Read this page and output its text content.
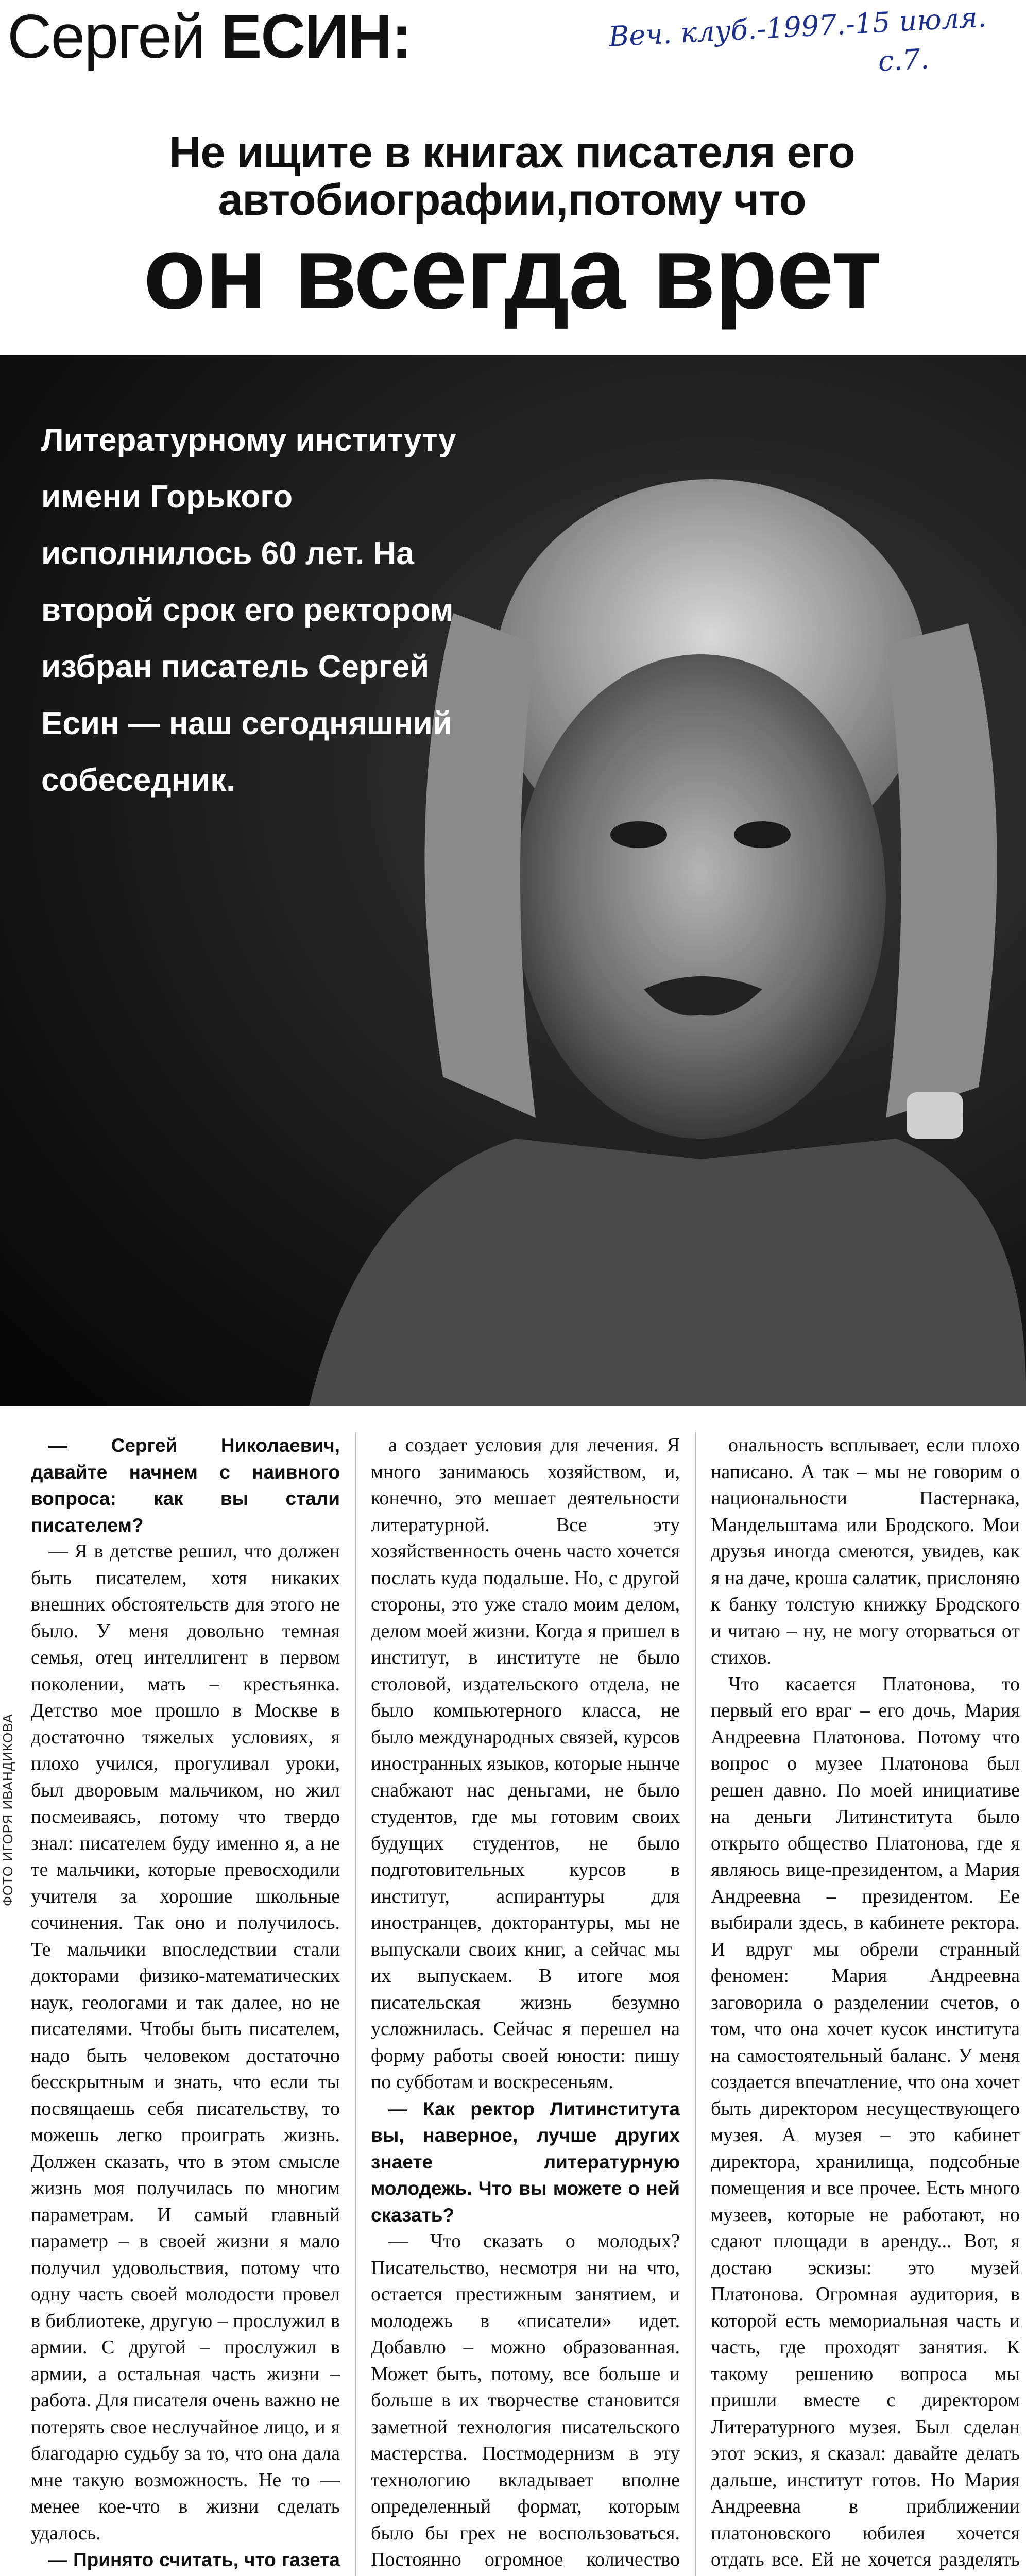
Сергей ЕСИН:	Веч. клуб.-1997.-15 июля.
с.7.
Не ищите в книгах писателя его автобиографии,потому что
он всегда врет
Литературному институту имени Горького исполнилось 60 лет. На второй срок его ректором избран писатель Сергей Есин — наш сегодняшний собеседник.
ФОТО ИГОРЯ ИВАНДИКОВА

— Сергей Николаевич, давайте начнем с наивного вопроса: как вы стали писателем?

— Я в детстве решил, что должен быть писателем, хотя никаких внешних обстоятельств для этого не было. У меня довольно темная семья, отец интеллигент в первом поколении, мать – крестьянка. Детство мое прошло в Москве в достаточно тяжелых условиях, я плохо учился, прогуливал уроки, был дворовым мальчиком, но жил посмеиваясь, потому что твердо знал: писателем буду именно я, а не те мальчики, которые превосходили учителя за хорошие школьные сочинения. Так оно и получилось. Те мальчики впоследствии стали докторами физико-математических наук, геологами и так далее, но не писателями. Чтобы быть писателем, надо быть человеком достаточно бесскрытным и знать, что если ты посвящаешь себя писательству, то можешь легко проиграть жизнь. Должен сказать, что в этом смысле жизнь моя получилась по многим параметрам. И самый главный параметр – в своей жизни я мало получил удовольствия, потому что одну часть своей молодости провел в библиотеке, другую – прослужил в армии. С другой – прослужил в армии, а остальная часть жизни – работа. Для писателя очень важно не потерять свое неслучайное лицо, и я благодарю судьбу за то, что она дала мне такую возможность. Не то — менее кое-что в жизни сделать удалось.

— Принято считать, что газета

а создает условия для лечения. Я много занимаюсь хозяйством, и, конечно, это мешает деятельности литературной. Все эту хозяйственность очень часто хочется послать куда подальше. Но, с другой стороны, это уже стало моим делом, делом моей жизни. Когда я пришел в институт, в институте не было столовой, издательского отдела, не было компьютерного класса, не было международных связей, курсов иностранных языков, которые нынче снабжают нас деньгами, не было студентов, где мы готовим своих будущих студентов, не было подготовительных курсов в институт, аспирантуры для иностранцев, докторантуры, мы не выпускали своих книг, а сейчас мы их выпускаем. В итоге моя писательская жизнь безумно усложнилась. Сейчас я перешел на форму работы своей юности: пишу по субботам и воскресеньям.

— Как ректор Литинститута вы, наверное, лучше других знаете литературную молодежь. Что вы можете о ней сказать?

— Что сказать о молодых? Писательство, несмотря ни на что, остается престижным занятием, и молодежь в «писатели» идет. Добавлю – можно образованная. Может быть, потому, все больше и больше в их творчестве становится заметной технология писательского мастерства. Постмодернизм в эту технологию вкладывает вполне определенный формат, которым было бы грех не воспользоваться. Постоянно огромное количество

ональность всплывает, если плохо написано. А так – мы не говорим о национальности Пастернака, Мандельштама или Бродского. Мои друзья иногда смеются, увидев, как я на даче, кроша салатик, прислоняю к банку толстую книжку Бродского и читаю – ну, не могу оторваться от стихов.

Что касается Платонова, то первый его враг – его дочь, Мария Андреевна Платонова. Потому что вопрос о музее Платонова был решен давно. По моей инициативе на деньги Литинститута было открыто общество Платонова, где я являюсь вице-президентом, а Мария Андреевна – президентом. Ее выбирали здесь, в кабинете ректора. И вдруг мы обрели странный феномен: Мария Андреевна заговорила о разделении счетов, о том, что она хочет кусок института на самостоятельный баланс. У меня создается впечатление, что она хочет быть директором несуществующего музея. А музея – это кабинет директора, хранилища, подсобные помещения и все прочее. Есть много музеев, которые не работают, но сдают площади в аренду... Вот, я достаю эскизы: это музей Платонова. Огромная аудитория, в которой есть мемориальная часть и часть, где проходят занятия. К такому решению вопроса мы пришли вместе с директором Литературного музея. Был сделан этот эскиз, я сказал: давайте делать дальше, институт готов. Но Мария Андреевна в приближении платоновского юбилея хочется отдать все. Ей не хочется разделять
